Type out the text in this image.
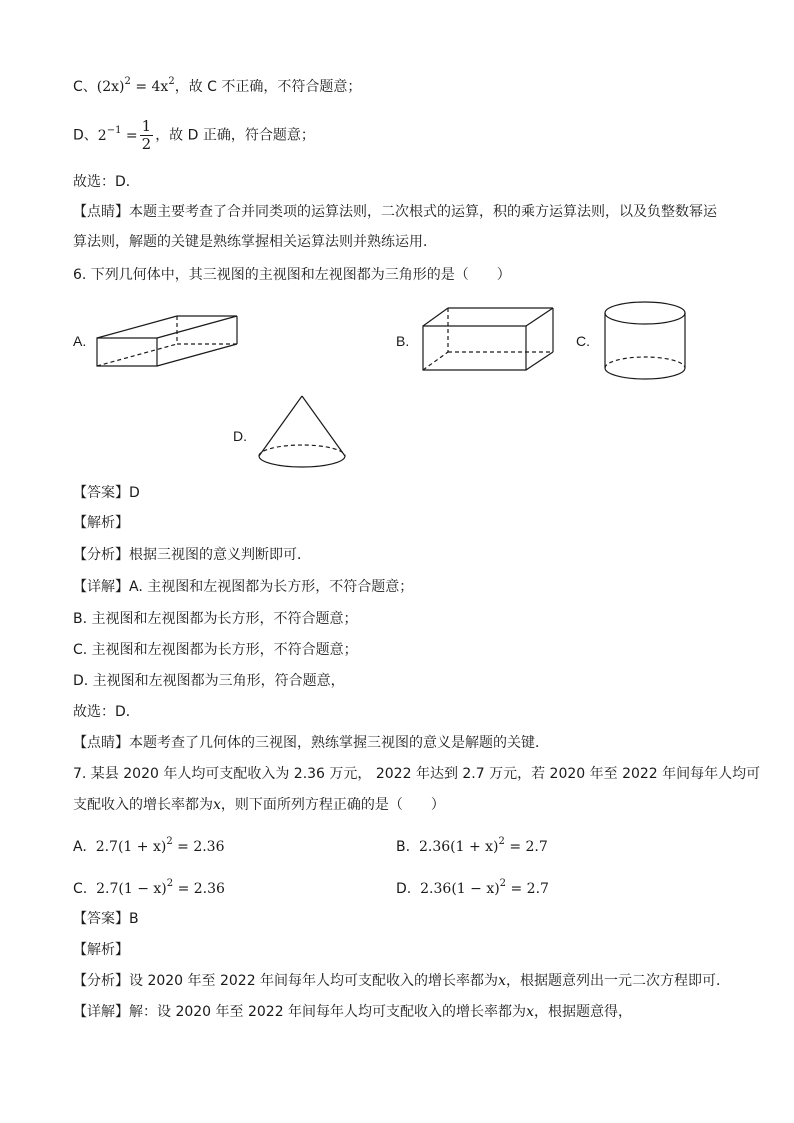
C、$(2x)^2 = 4x^2$，故 C 不正确，不符合题意；
D、$2^{-1} = \frac{1}{2}$ ，故 D 正确，符合题意；
故选：D．
【点睛】本题主要考查了合并同类项的运算法则，二次根式的运算，积的乘方运算法则，以及负整数幂运算法则，解题的关键是熟练掌握相关运算法则并熟练运用．
6. 下列几何体中，其三视图的主视图和左视图都为三角形的是（　　）
A.	B.	C.
D.
【答案】D
【解析】
【分析】根据三视图的意义判断即可．
【详解】A. 主视图和左视图都为长方形，不符合题意；
B. 主视图和左视图都为长方形，不符合题意；
C. 主视图和左视图都为长方形，不符合题意；
D. 主视图和左视图都为三角形，符合题意，
故选：D．
【点睛】本题考查了几何体的三视图，熟练掌握三视图的意义是解题的关键．
7. 某县 2020 年人均可支配收入为 2.36 万元， 2022 年达到 2.7 万元，若 2020 年至 2022 年间每年人均可
支配收入的增长率都为x，则下面所列方程正确的是（　　）
A. $2.7(1 + x)^2 = 2.36$	B. $2.36(1 + x)^2 = 2.7$
C. $2.7(1 - x)^2 = 2.36$	D. $2.36(1 - x)^2 = 2.7$
【答案】B
【解析】
【分析】设 2020 年至 2022 年间每年人均可支配收入的增长率都为x，根据题意列出一元二次方程即可．
【详解】解：设 2020 年至 2022 年间每年人均可支配收入的增长率都为x，根据题意得，
